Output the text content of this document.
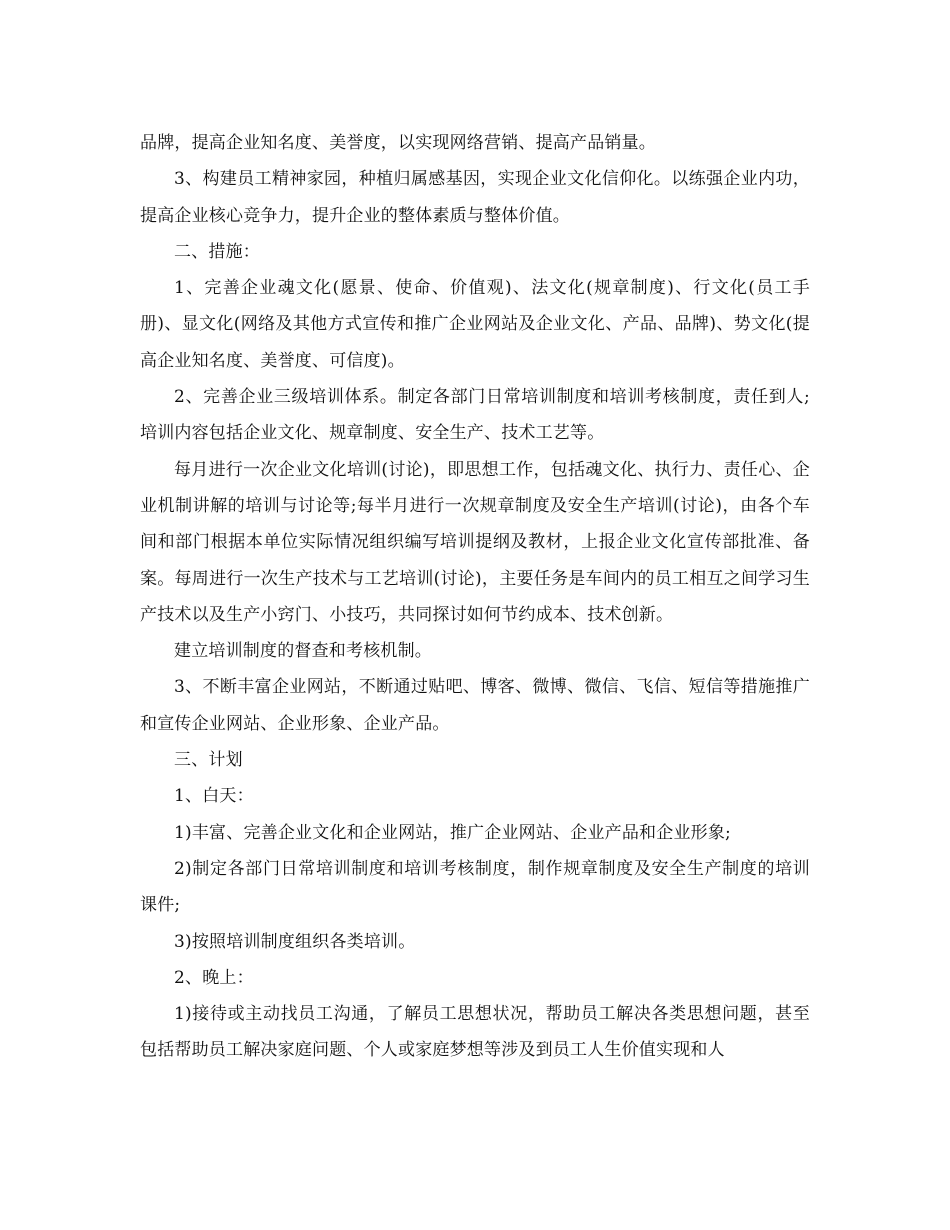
品牌，提高企业知名度、美誉度，以实现网络营销、提高产品销量。

3、构建员工精神家园，种植归属感基因，实现企业文化信仰化。以练强企业内功，提高企业核心竞争力，提升企业的整体素质与整体价值。

二、措施：

1、完善企业魂文化(愿景、使命、价值观)、法文化(规章制度)、行文化(员工手册)、显文化(网络及其他方式宣传和推广企业网站及企业文化、产品、品牌)、势文化(提高企业知名度、美誉度、可信度)。

2、完善企业三级培训体系。制定各部门日常培训制度和培训考核制度，责任到人;培训内容包括企业文化、规章制度、安全生产、技术工艺等。

每月进行一次企业文化培训(讨论)，即思想工作，包括魂文化、执行力、责任心、企业机制讲解的培训与讨论等;每半月进行一次规章制度及安全生产培训(讨论)，由各个车间和部门根据本单位实际情况组织编写培训提纲及教材，上报企业文化宣传部批准、备案。每周进行一次生产技术与工艺培训(讨论)，主要任务是车间内的员工相互之间学习生产技术以及生产小窍门、小技巧，共同探讨如何节约成本、技术创新。

建立培训制度的督查和考核机制。

3、不断丰富企业网站，不断通过贴吧、博客、微博、微信、飞信、短信等措施推广和宣传企业网站、企业形象、企业产品。

三、计划

1、白天：

1)丰富、完善企业文化和企业网站，推广企业网站、企业产品和企业形象;

2)制定各部门日常培训制度和培训考核制度，制作规章制度及安全生产制度的培训课件;

3)按照培训制度组织各类培训。

2、晚上：

1)接待或主动找员工沟通，了解员工思想状况，帮助员工解决各类思想问题，甚至包括帮助员工解决家庭问题、个人或家庭梦想等涉及到员工人生价值实现和人
